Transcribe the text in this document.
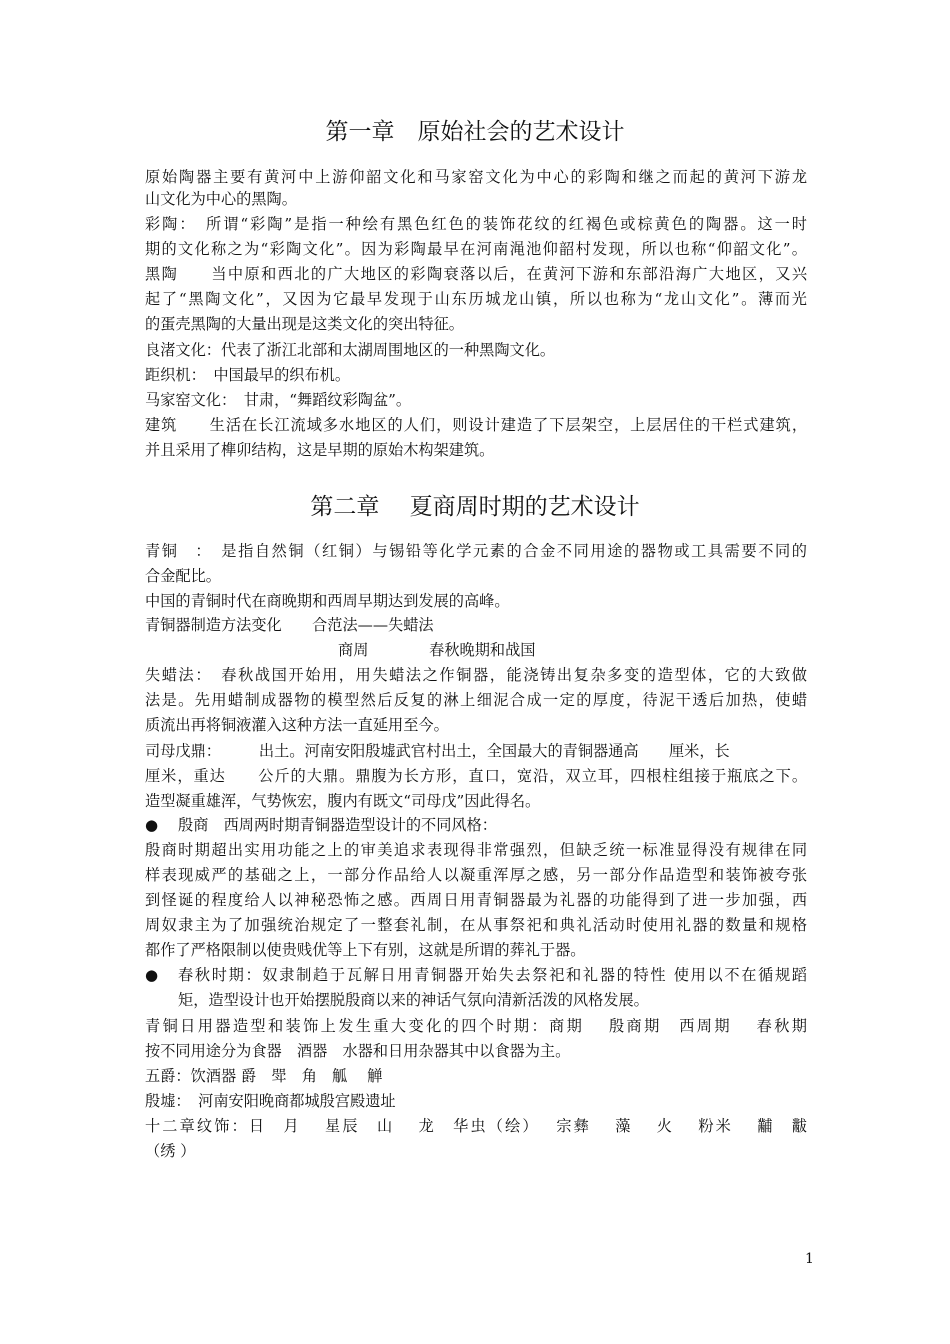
第一章　原始社会的艺术设计
原始陶器主要有黄河中上游仰韶文化和马家窑文化为中心的彩陶和继之而起的黄河下游龙
山文化为中心的黑陶。
彩陶：　所谓“彩陶”是指一种绘有黑色红色的装饰花纹的红褐色或棕黄色的陶器。这一时
期的文化称之为“彩陶文化”。因为彩陶最早在河南渑池仰韶村发现，所以也称“仰韶文化”。
黑陶　　当中原和西北的广大地区的彩陶衰落以后，在黄河下游和东部沿海广大地区，又兴
起了“黑陶文化”，又因为它最早发现于山东历城龙山镇，所以也称为“龙山文化”。薄而光
的蛋壳黑陶的大量出现是这类文化的突出特征。
良渚文化：代表了浙江北部和太湖周围地区的一种黑陶文化。
距织机：　中国最早的织布机。
马家窑文化：　甘肃，“舞蹈纹彩陶盆”。
建筑　　生活在长江流域多水地区的人们，则设计建造了下层架空，上层居住的干栏式建筑，
并且采用了榫卯结构，这是早期的原始木构架建筑。
第二章　 夏商周时期的艺术设计
青铜　：　是指自然铜（红铜）与锡铅等化学元素的合金不同用途的器物或工具需要不同的
合金配比。
中国的青铜时代在商晚期和西周早期达到发展的高峰。
青铜器制造方法变化　　合范法——失蜡法
商周　　　　春秋晚期和战国
失蜡法：　春秋战国开始用，用失蜡法之作铜器，能浇铸出复杂多变的造型体，它的大致做
法是。先用蜡制成器物的模型然后反复的淋上细泥合成一定的厚度，待泥干透后加热，使蜡
质流出再将铜液灌入这种方法一直延用至今。
司母戊鼎：　　　出土。河南安阳殷墟武官村出土，全国最大的青铜器通高　　厘米，长
厘米，重达　　公斤的大鼎。鼎腹为长方形，直口，宽沿，双立耳，四根柱组接于瓶底之下。
造型凝重雄浑，气势恢宏，腹内有既文“司母戊”因此得名。
● 殷商　西周两时期青铜器造型设计的不同风格：
殷商时期超出实用功能之上的审美追求表现得非常强烈，但缺乏统一标准显得没有规律在同
样表现威严的基础之上，一部分作品给人以凝重浑厚之感，另一部分作品造型和装饰被夸张
到怪诞的程度给人以神秘恐怖之感。西周日用青铜器最为礼器的功能得到了进一步加强，西
周奴隶主为了加强统治规定了一整套礼制，在从事祭祀和典礼活动时使用礼器的数量和规格
都作了严格限制以使贵贱优等上下有别，这就是所谓的葬礼于器。
● 春秋时期：奴隶制趋于瓦解日用青铜器开始失去祭祀和礼器的特性 使用以不在循规蹈
矩，造型设计也开始摆脱殷商以来的神话气氛向清新活泼的风格发展。
青铜日用器造型和装饰上发生重大变化的四个时期：商期　 殷商期　西周期　 春秋期
按不同用途分为食器　酒器　水器和日用杂器其中以食器为主。
五爵：饮酒器 爵　斝　角　觚　 觯
殷墟：　河南安阳晚商都城殷宫殿遗址
十二章纹饰：日　月　 星辰　山　 龙　华虫（绘）　 宗彝　 藻　 火　 粉米　 黼　黻
（绣 ）
1
